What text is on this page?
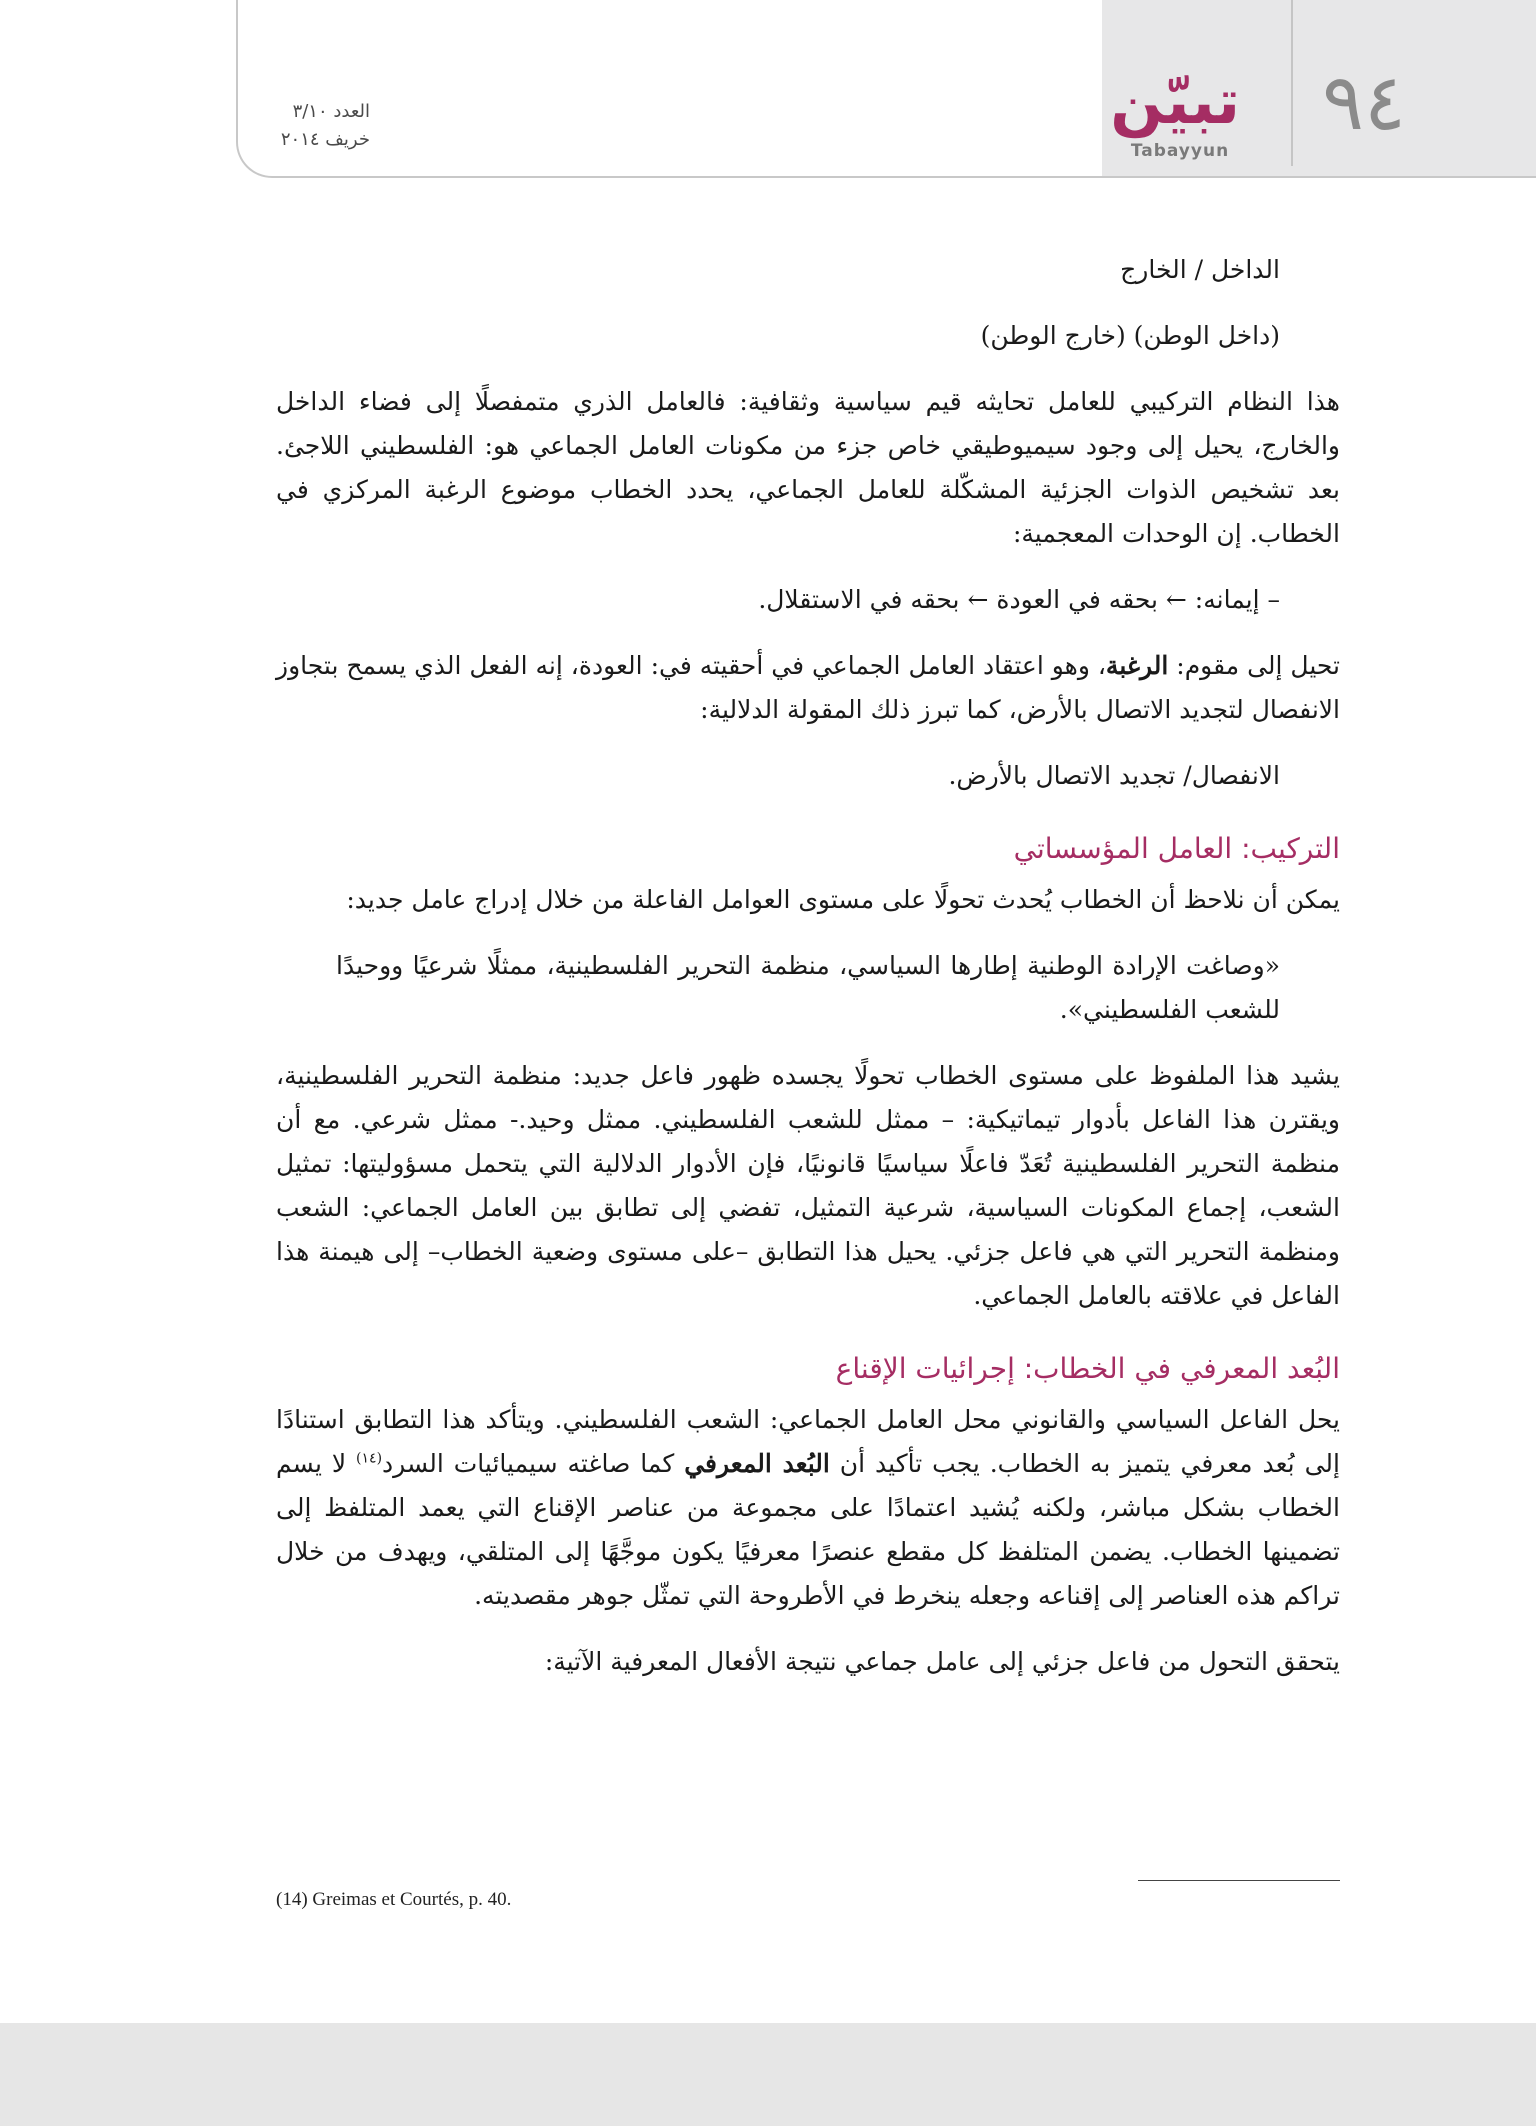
٩٤
تبيّن
Tabayyun
العدد ٣/١٠
خريف ٢٠١٤

الداخل / الخارج

(داخل الوطن) (خارج الوطن)

هذا النظام التركيبي للعامل تحايثه قيم سياسية وثقافية: فالعامل الذري متمفصلًا إلى فضاء الداخل والخارج، يحيل إلى وجود سيميوطيقي خاص جزء من مكونات العامل الجماعي هو: الفلسطيني اللاجئ. بعد تشخيص الذوات الجزئية المشكّلة للعامل الجماعي، يحدد الخطاب موضوع الرغبة المركزي في الخطاب. إن الوحدات المعجمية:

– إيمانه: ← بحقه في العودة ← بحقه في الاستقلال.

تحيل إلى مقوم: الرغبة، وهو اعتقاد العامل الجماعي في أحقيته في: العودة، إنه الفعل الذي يسمح بتجاوز الانفصال لتجديد الاتصال بالأرض، كما تبرز ذلك المقولة الدلالية:

الانفصال/ تجديد الاتصال بالأرض.

التركيب: العامل المؤسساتي

يمكن أن نلاحظ أن الخطاب يُحدث تحولًا على مستوى العوامل الفاعلة من خلال إدراج عامل جديد:

«وصاغت الإرادة الوطنية إطارها السياسي، منظمة التحرير الفلسطينية، ممثلًا شرعيًا ووحيدًا للشعب الفلسطيني».

يشيد هذا الملفوظ على مستوى الخطاب تحولًا يجسده ظهور فاعل جديد: منظمة التحرير الفلسطينية، ويقترن هذا الفاعل بأدوار تيماتيكية: – ممثل للشعب الفلسطيني. ممثل وحيد.- ممثل شرعي. مع أن منظمة التحرير الفلسطينية تُعَدّ فاعلًا سياسيًا قانونيًا، فإن الأدوار الدلالية التي يتحمل مسؤوليتها: تمثيل الشعب، إجماع المكونات السياسية، شرعية التمثيل، تفضي إلى تطابق بين العامل الجماعي: الشعب ومنظمة التحرير التي هي فاعل جزئي. يحيل هذا التطابق –على مستوى وضعية الخطاب– إلى هيمنة هذا الفاعل في علاقته بالعامل الجماعي.

البُعد المعرفي في الخطاب: إجرائيات الإقناع

يحل الفاعل السياسي والقانوني محل العامل الجماعي: الشعب الفلسطيني. ويتأكد هذا التطابق استنادًا إلى بُعد معرفي يتميز به الخطاب. يجب تأكيد أن البُعد المعرفي كما صاغته سيميائيات السرد$^{(١٤)}$ لا يسم الخطاب بشكل مباشر، ولكنه يُشيد اعتمادًا على مجموعة من عناصر الإقناع التي يعمد المتلفظ إلى تضمينها الخطاب. يضمن المتلفظ كل مقطع عنصرًا معرفيًا يكون موجَّهًا إلى المتلقي، ويهدف من خلال تراكم هذه العناصر إلى إقناعه وجعله ينخرط في الأطروحة التي تمثّل جوهر مقصديته.

يتحقق التحول من فاعل جزئي إلى عامل جماعي نتيجة الأفعال المعرفية الآتية:

(14) Greimas et Courtés, p. 40.
